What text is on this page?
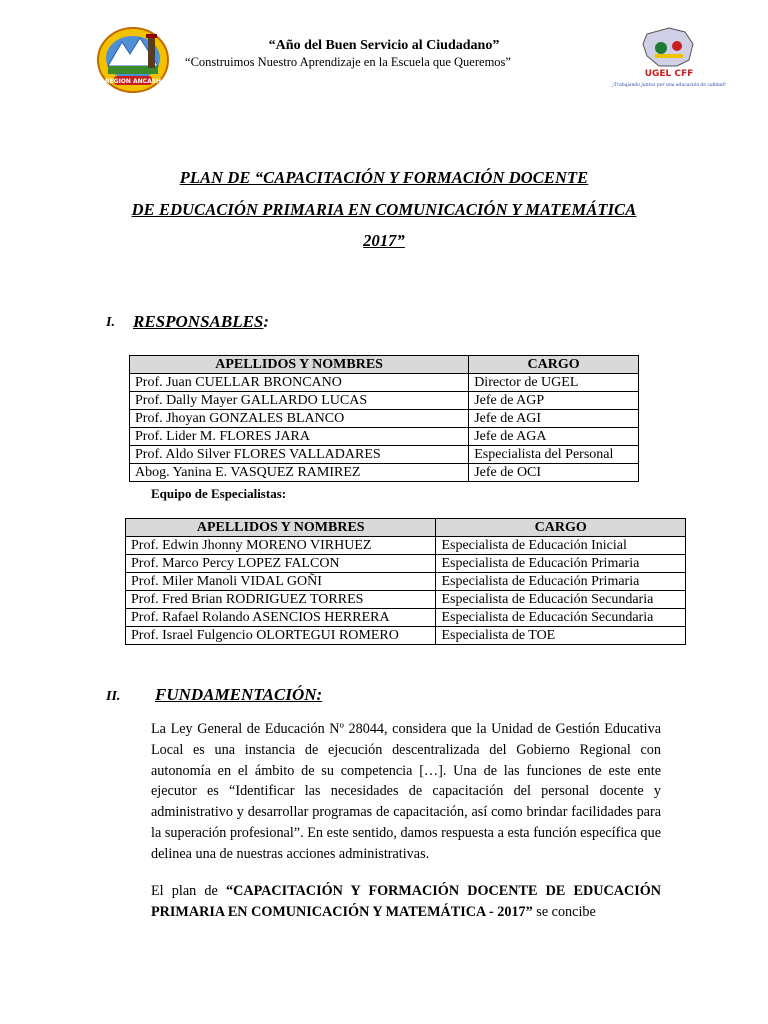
REGION ANCASH
“Año del Buen Servicio al Ciudadano”
“Construimos Nuestro Aprendizaje en la Escuela que Queremos”
UGEL CFF
¡Trabajando juntos por una educación de calidad!
PLAN DE “CAPACITACIÓN Y FORMACIÓN DOCENTE
DE EDUCACIÓN PRIMARIA EN COMUNICACIÓN Y MATEMÁTICA
2017”
I. RESPONSABLES:
APELLIDOS Y NOMBRES	CARGO
Prof. Juan CUELLAR BRONCANO	Director de UGEL
Prof. Dally Mayer GALLARDO LUCAS	Jefe de AGP
Prof. Jhoyan GONZALES BLANCO	Jefe de AGI
Prof. Lider M. FLORES JARA	Jefe de AGA
Prof. Aldo Silver FLORES VALLADARES	Especialista del Personal
Abog. Yanina E. VASQUEZ RAMIREZ	Jefe de OCI
Equipo de Especialistas:
APELLIDOS Y NOMBRES	CARGO
Prof. Edwin Jhonny MORENO VIRHUEZ	Especialista de Educación Inicial
Prof. Marco Percy LOPEZ FALCON	Especialista de Educación Primaria
Prof. Miler Manoli VIDAL GOÑI	Especialista de Educación Primaria
Prof. Fred Brian RODRIGUEZ TORRES	Especialista de Educación Secundaria
Prof. Rafael Rolando ASENCIOS HERRERA	Especialista de Educación Secundaria
Prof. Israel Fulgencio OLORTEGUI ROMERO	Especialista de TOE
II. FUNDAMENTACIÓN:
La Ley General de Educación Nº 28044, considera que la Unidad de Gestión Educativa Local es una instancia de ejecución descentralizada del Gobierno Regional con autonomía en el ámbito de su competencia […]. Una de las funciones de este ente ejecutor es “Identificar las necesidades de capacitación del personal docente y administrativo y desarrollar programas de capacitación, así como brindar facilidades para la superación profesional”. En este sentido, damos respuesta a esta función específica que delinea una de nuestras acciones administrativas.
El plan de “CAPACITACIÓN Y FORMACIÓN DOCENTE DE EDUCACIÓN PRIMARIA EN COMUNICACIÓN Y MATEMÁTICA - 2017” se concibe
